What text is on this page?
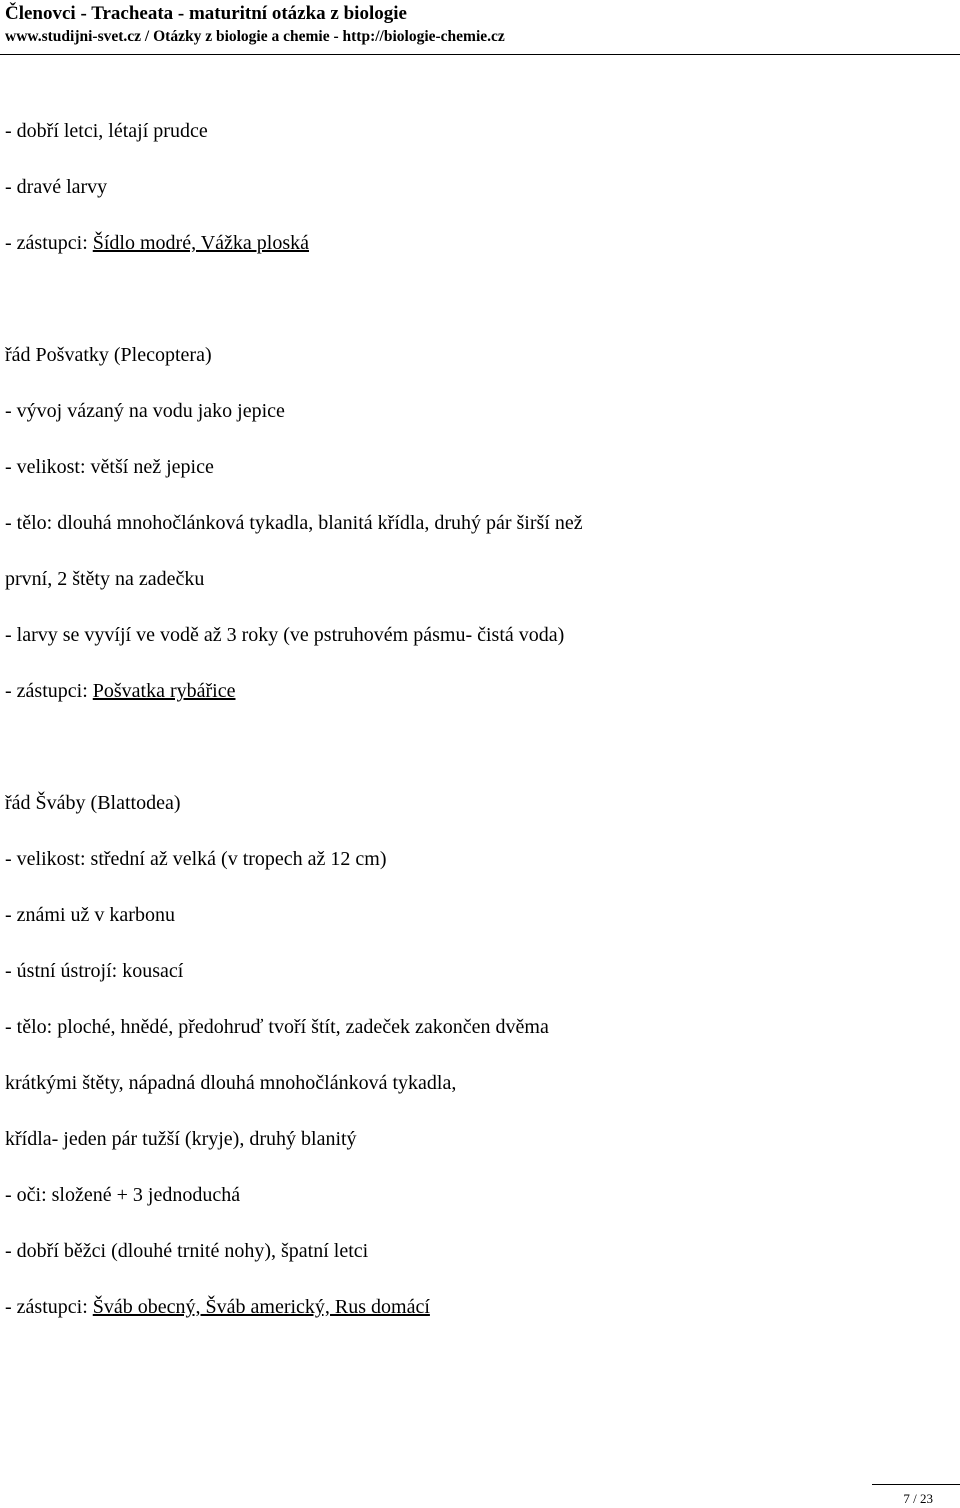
Členovci - Tracheata - maturitní otázka z biologie
www.studijni-svet.cz / Otázky z biologie a chemie - http://biologie-chemie.cz
- dobří letci, létají prudce
- dravé larvy
- zástupci: Šídlo modré, Vážka ploská
řád Pošvatky (Plecoptera)
- vývoj vázaný na vodu jako jepice
- velikost: větší než jepice
- tělo: dlouhá mnohočlánková tykadla, blanitá křídla, druhý pár širší než
první, 2 štěty na zadečku
- larvy se vyvíjí ve vodě až 3 roky (ve pstruhovém pásmu- čistá voda)
- zástupci: Pošvatka rybářice
řád Šváby (Blattodea)
- velikost: střední až velká (v tropech až 12 cm)
- známi už v karbonu
- ústní ústrojí: kousací
- tělo: ploché, hnědé, předohruď tvoří štít, zadeček zakončen dvěma
krátkými štěty, nápadná dlouhá mnohočlánková tykadla,
křídla- jeden pár tužší (kryje), druhý blanitý
- oči: složené + 3 jednoduchá
- dobří běžci (dlouhé trnité nohy), špatní letci
- zástupci: Šváb obecný, Šváb americký, Rus domácí
7 / 23
